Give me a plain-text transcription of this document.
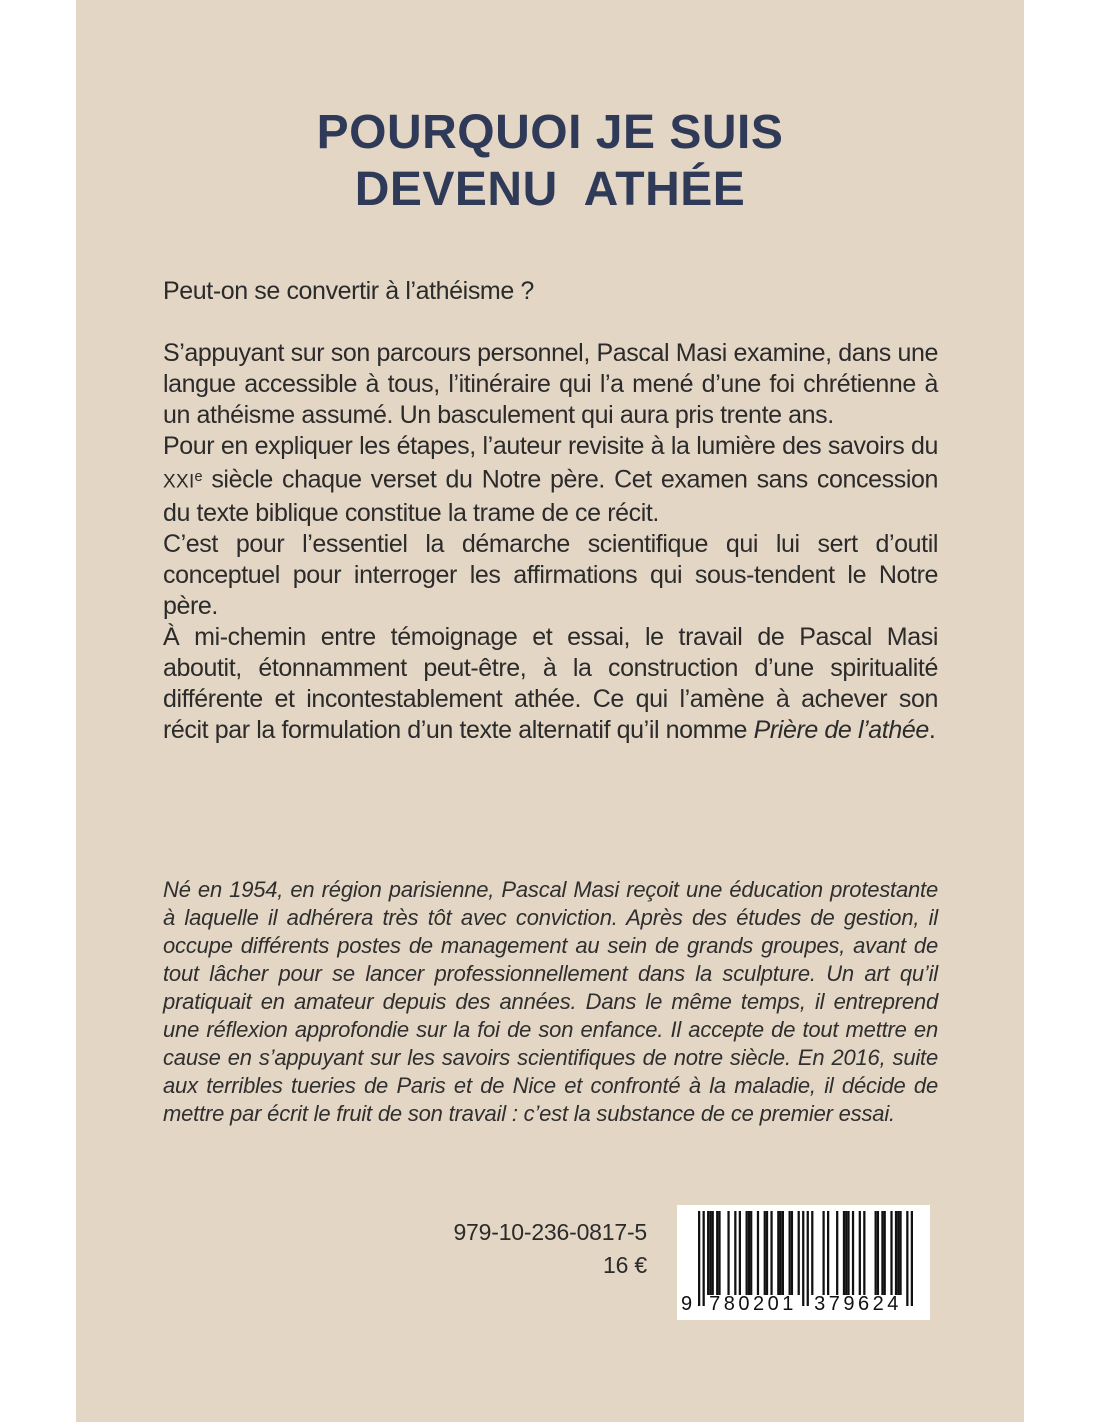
POURQUOI JE SUIS
DEVENU  ATHÉE

Peut-on se convertir à l’athéisme ?

S’appuyant sur son parcours personnel, Pascal Masi examine, dans une langue accessible à tous, l’itinéraire qui l’a mené d’une foi chrétienne à un athéisme assumé. Un basculement qui aura pris trente ans.

Pour en expliquer les étapes, l’auteur revisite à la lumière des savoirs du XXIe siècle chaque verset du Notre père. Cet examen sans concession du texte biblique constitue la trame de ce récit.

C’est pour l’essentiel la démarche scientifique qui lui sert d’outil conceptuel pour interroger les affirmations qui sous-tendent le Notre père.

À mi-chemin entre témoignage et essai, le travail de Pascal Masi aboutit, étonnamment peut-être, à la construction d’une spiritualité différente et incontestablement athée. Ce qui l’amène à achever son récit par la formulation d’un texte alternatif qu’il nomme Prière de l’athée.

Né en 1954, en région parisienne, Pascal Masi reçoit une éducation protestante à laquelle il adhérera très tôt avec conviction. Après des études de gestion, il occupe différents postes de management au sein de grands groupes, avant de tout lâcher pour se lancer professionnellement dans la sculpture. Un art qu’il pratiquait en amateur depuis des années. Dans le même temps, il entreprend une réflexion approfondie sur la foi de son enfance. Il accepte de tout mettre en cause en s’appuyant sur les savoirs scientifiques de notre siècle. En 2016, suite aux terribles tueries de Paris et de Nice et confronté à la maladie, il décide de mettre par écrit le fruit de son travail : c’est la substance de ce premier essai.
979-10-236-0817-5
16 €
9 780201 379624
